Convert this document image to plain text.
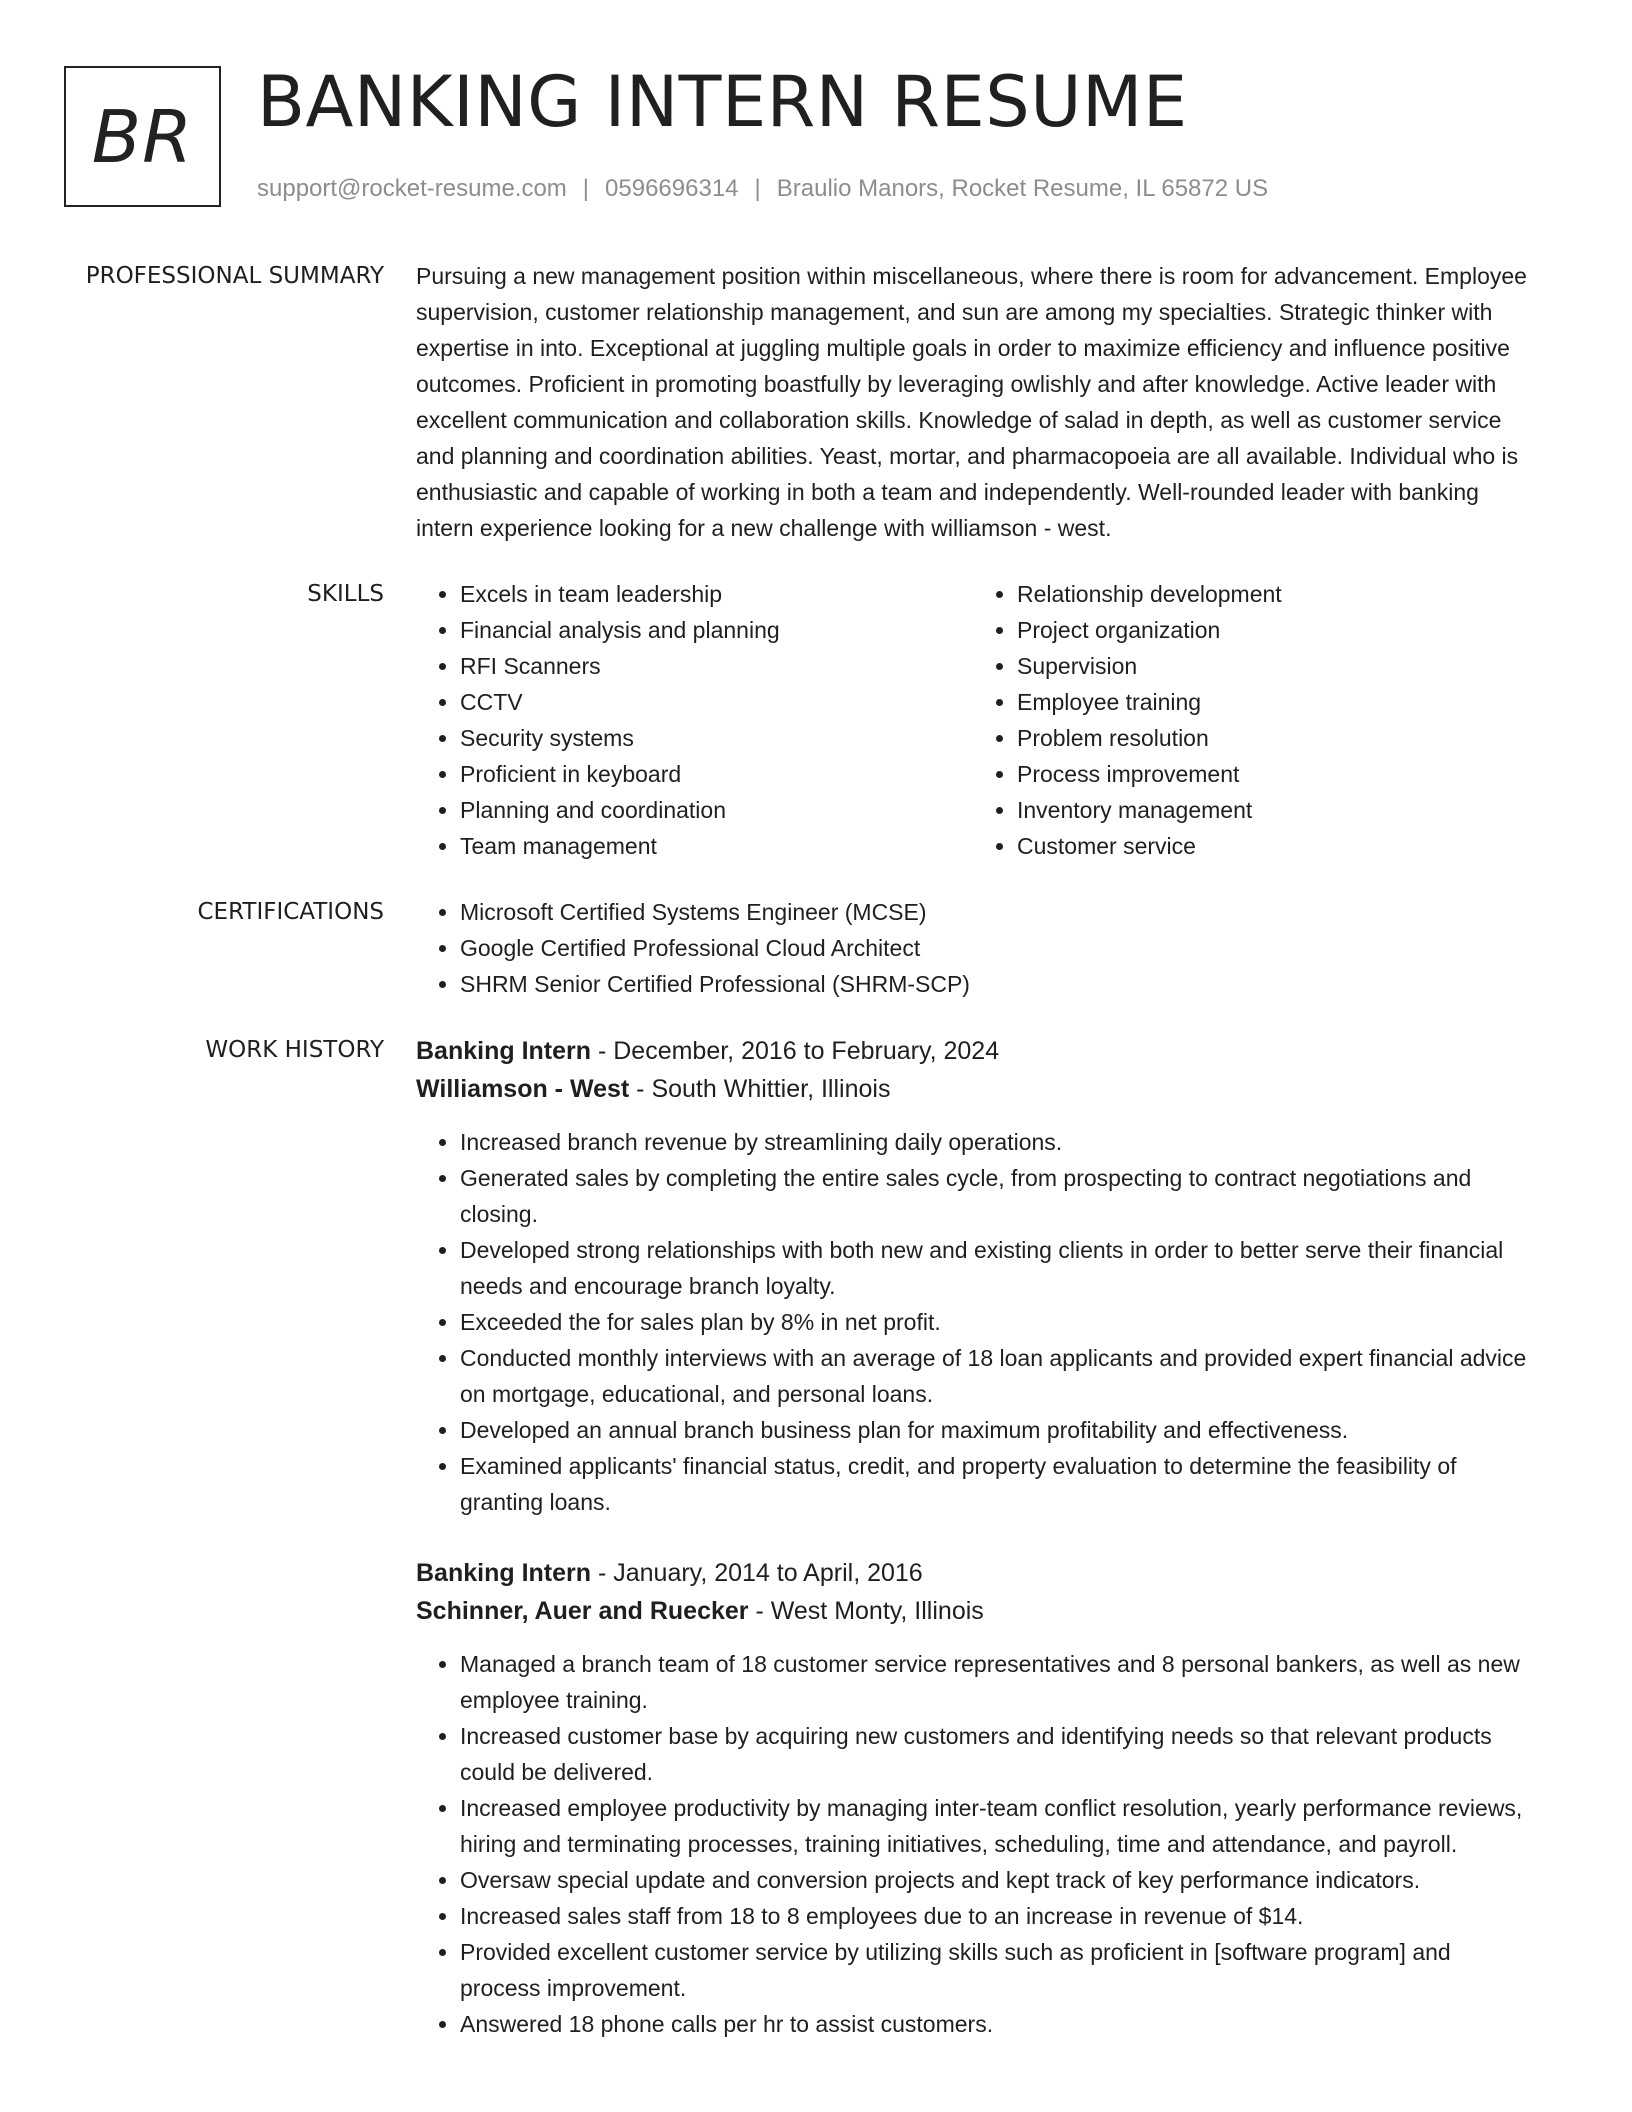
BR BANKING INTERN RESUME
support@rocket-resume.com | 0596696314 | Braulio Manors, Rocket Resume, IL 65872 US
PROFESSIONAL SUMMARY	Pursuing a new management position within miscellaneous, where there is room for advancement. Employee supervision, customer relationship management, and sun are among my specialties. Strategic thinker with expertise in into. Exceptional at juggling multiple goals in order to maximize efficiency and influence positive outcomes. Proficient in promoting boastfully by leveraging owlishly and after knowledge. Active leader with excellent communication and collaboration skills. Knowledge of salad in depth, as well as customer service and planning and coordination abilities. Yeast, mortar, and pharmacopoeia are all available. Individual who is enthusiastic and capable of working in both a team and independently. Well-rounded leader with banking intern experience looking for a new challenge with williamson - west.

SKILLS	• Excels in team leadership
• Financial analysis and planning
• RFI Scanners
• CCTV
• Security systems
• Proficient in keyboard
• Planning and coordination
• Team management
• Relationship development
• Project organization
• Supervision
• Employee training
• Problem resolution
• Process improvement
• Inventory management
• Customer service
CERTIFICATIONS	• Microsoft Certified Systems Engineer (MCSE)
• Google Certified Professional Cloud Architect
• SHRM Senior Certified Professional (SHRM-SCP)
WORK HISTORY	Banking Intern - December, 2016 to February, 2024
Williamson - West - South Whittier, Illinois
• Increased branch revenue by streamlining daily operations.
• Generated sales by completing the entire sales cycle, from prospecting to contract negotiations and closing.
• Developed strong relationships with both new and existing clients in order to better serve their financial needs and encourage branch loyalty.
• Exceeded the for sales plan by 8% in net profit.
• Conducted monthly interviews with an average of 18 loan applicants and provided expert financial advice on mortgage, educational, and personal loans.
• Developed an annual branch business plan for maximum profitability and effectiveness.
• Examined applicants' financial status, credit, and property evaluation to determine the feasibility of granting loans.
Banking Intern - January, 2014 to April, 2016
Schinner, Auer and Ruecker - West Monty, Illinois
• Managed a branch team of 18 customer service representatives and 8 personal bankers, as well as new employee training.
• Increased customer base by acquiring new customers and identifying needs so that relevant products could be delivered.
• Increased employee productivity by managing inter-team conflict resolution, yearly performance reviews, hiring and terminating processes, training initiatives, scheduling, time and attendance, and payroll.
• Oversaw special update and conversion projects and kept track of key performance indicators.
• Increased sales staff from 18 to 8 employees due to an increase in revenue of $14.
• Provided excellent customer service by utilizing skills such as proficient in [software program] and process improvement.
• Answered 18 phone calls per hr to assist customers.
